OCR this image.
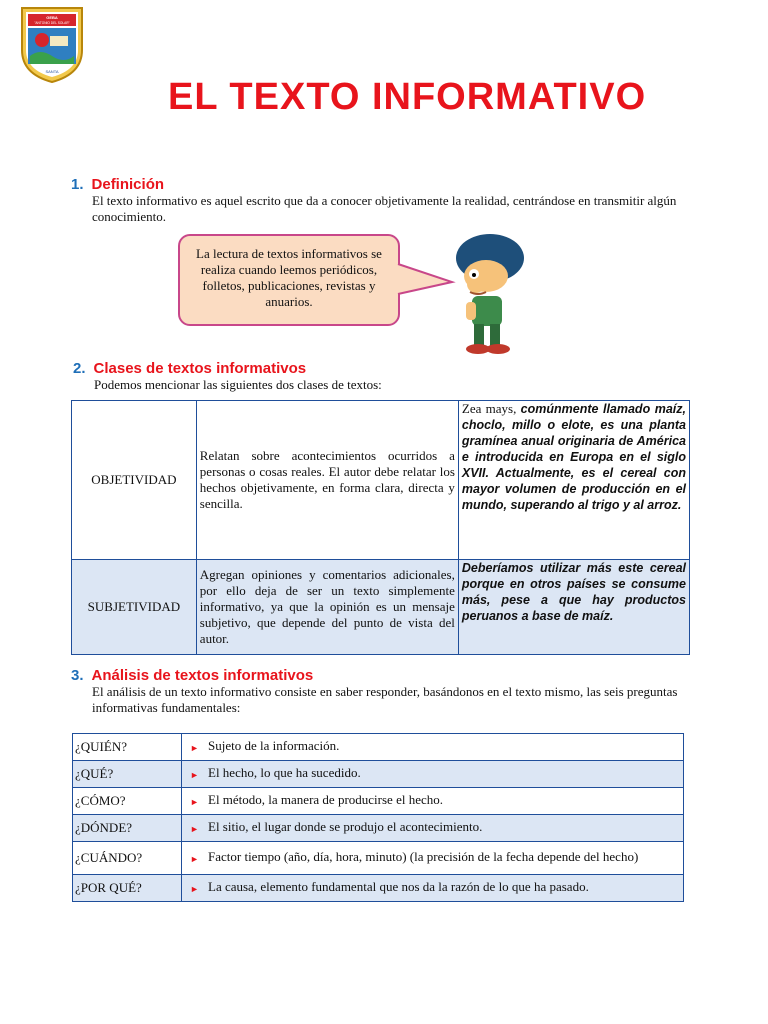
GEBA
"ANTONIO DEL SOLAR"
SANTA
EL TEXTO INFORMATIVO
1. Definición
El texto informativo es aquel escrito que da a conocer objetivamente la realidad, centrándose en transmitir algún conocimiento.
La lectura de textos informativos se realiza cuando leemos periódicos, folletos, publicaciones, revistas y anuarios.
2. Clases de textos informativos
Podemos mencionar las siguientes dos clases de textos:
OBJETIVIDAD	Relatan sobre acontecimientos ocurridos a personas o cosas reales. El autor debe relatar los hechos objetivamente, en forma clara, directa y sencilla.	Zea mays, comúnmente llamado maíz, choclo, millo o elote, es una planta gramínea anual originaria de América e introducida en Europa en el siglo XVII. Actualmente, es el cereal con mayor volumen de producción en el mundo, superando al trigo y al arroz.
SUBJETIVIDAD	Agregan opiniones y comentarios adicionales, por ello deja de ser un texto simplemente informativo, ya que la opinión es un mensaje subjetivo, que depende del punto de vista del autor.	Deberíamos utilizar más este cereal porque en otros países se consume más, pese a que hay productos peruanos a base de maíz.
3. Análisis de textos informativos
El análisis de un texto informativo consiste en saber responder, basándonos en el texto mismo, las seis preguntas informativas fundamentales:
¿QUIÉN?	► Sujeto de la información.
¿QUÉ?	► El hecho, lo que ha sucedido.
¿CÓMO?	► El método, la manera de producirse el hecho.
¿DÓNDE?	► El sitio, el lugar donde se produjo el acontecimiento.
¿CUÁNDO?	► Factor tiempo (año, día, hora, minuto) (la precisión de la fecha depende del hecho)
¿POR QUÉ?	► La causa, elemento fundamental que nos da la razón de lo que ha pasado.
